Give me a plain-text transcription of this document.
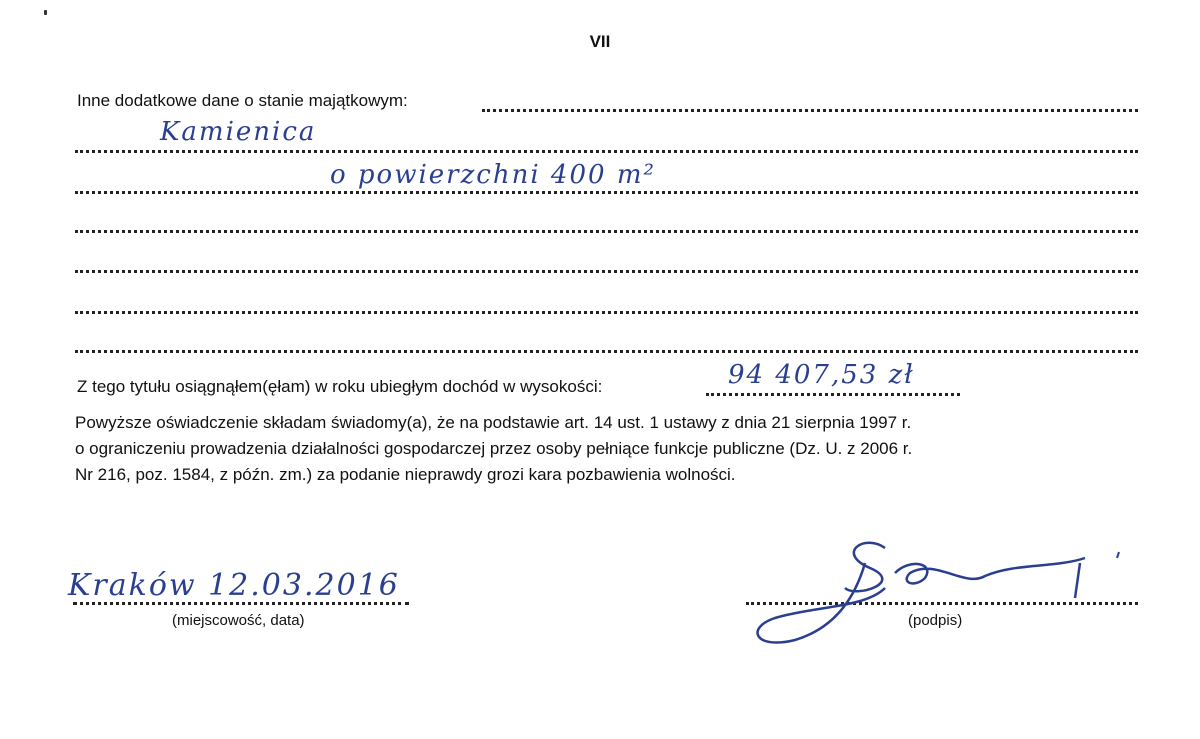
VII
Inne dodatkowe dane o stanie majątkowym:
Kamienica
o powierzchni 400 m²
Z tego tytułu osiągnąłem(ęłam) w roku ubiegłym dochód w wysokości:	94 407,53 zł
Powyższe oświadczenie składam świadomy(a), że na podstawie art. 14 ust. 1 ustawy z dnia 21 sierpnia 1997 r.
o ograniczeniu prowadzenia działalności gospodarczej przez osoby pełniące funkcje publiczne (Dz. U. z 2006 r.
Nr 216, poz. 1584, z późn. zm.) za podanie nieprawdy grozi kara pozbawienia wolności.
Kraków 12.03.2016
(miejscowość, data)	(podpis)
